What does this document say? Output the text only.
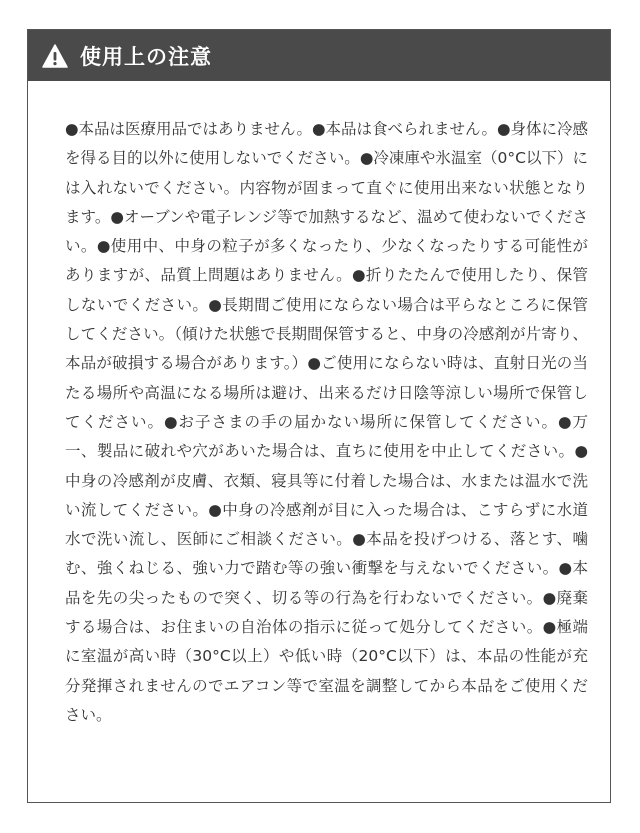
使用上の注意
●本品は医療用品ではありません。●本品は食べられません。●身体に冷感を得る目的以外に使用しないでください。●冷凍庫や氷温室（0°C以下）には入れないでください。内容物が固まって直ぐに使用出来ない状態となります。●オーブンや電子レンジ等で加熱するなど、温めて使わないでください。●使用中、中身の粒子が多くなったり、少なくなったりする可能性がありますが、品質上問題はありません。●折りたたんで使用したり、保管しないでください。●長期間ご使用にならない場合は平らなところに保管してください。（傾けた状態で長期間保管すると、中身の冷感剤が片寄り、本品が破損する場合があります。）●ご使用にならない時は、直射日光の当たる場所や高温になる場所は避け、出来るだけ日陰等涼しい場所で保管してください。●お子さまの手の届かない場所に保管してください。●万一、製品に破れや穴があいた場合は、直ちに使用を中止してください。●中身の冷感剤が皮膚、衣類、寝具等に付着した場合は、水または温水で洗い流してください。●中身の冷感剤が目に入った場合は、こすらずに水道水で洗い流し、医師にご相談ください。●本品を投げつける、落とす、噛む、強くねじる、強い力で踏む等の強い衝撃を与えないでください。●本品を先の尖ったもので突く、切る等の行為を行わないでください。●廃棄する場合は、お住まいの自治体の指示に従って処分してください。●極端に室温が高い時（30°C以上）や低い時（20°C以下）は、本品の性能が充分発揮されませんのでエアコン等で室温を調整してから本品をご使用ください。
